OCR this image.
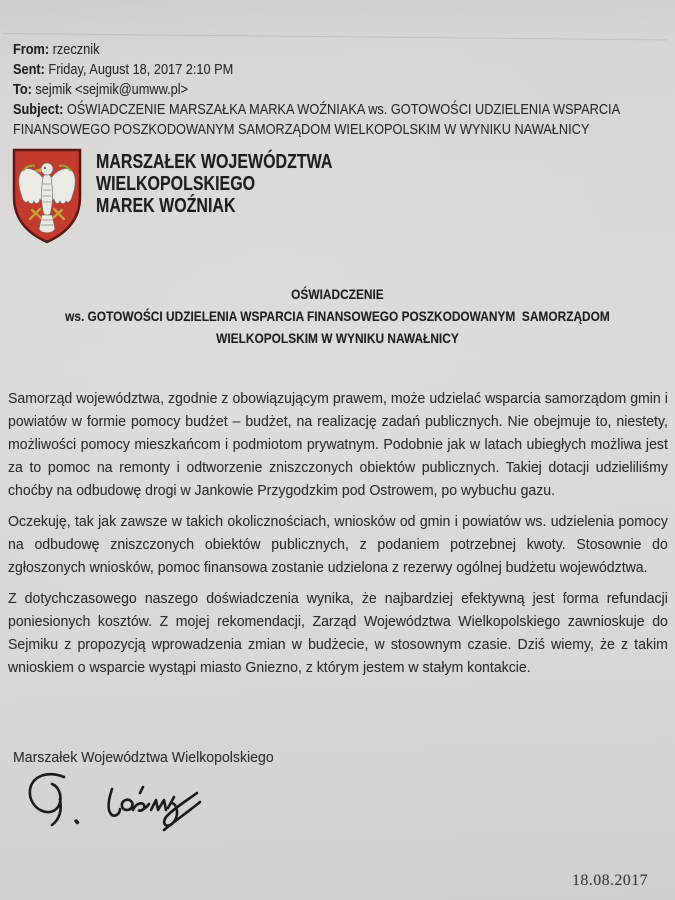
From: rzecznik
Sent: Friday, August 18, 2017 2:10 PM
To: sejmik <sejmik@umww.pl>
Subject: OŚWIADCZENIE MARSZAŁKA MARKA WOŹNIAKA ws. GOTOWOŚCI UDZIELENIA WSPARCIA FINANSOWEGO POSZKODOWANYM SAMORZĄDOM WIELKOPOLSKIM W WYNIKU NAWAŁNICY
MARSZAŁEK WOJEWÓDZTWA
WIELKOPOLSKIEGO
MAREK WOŹNIAK
OŚWIADCZENIE
ws. GOTOWOŚCI UDZIELENIA WSPARCIA FINANSOWEGO POSZKODOWANYM  SAMORZĄDOM
WIELKOPOLSKIM W WYNIKU NAWAŁNICY

Samorząd województwa, zgodnie z obowiązującym prawem, może udzielać wsparcia samorządom gmin i powiatów w formie pomocy budżet – budżet, na realizację zadań publicznych. Nie obejmuje to, niestety, możliwości pomocy mieszkańcom i podmiotom prywatnym. Podobnie jak w latach ubiegłych możliwa jest za to pomoc na remonty i odtworzenie zniszczonych obiektów publicznych. Takiej dotacji udzieliliśmy choćby na odbudowę drogi w Jankowie Przygodzkim pod Ostrowem, po wybuchu gazu.

Oczekuję, tak jak zawsze w takich okolicznościach, wniosków od gmin i powiatów ws. udzielenia pomocy na odbudowę zniszczonych obiektów publicznych, z podaniem potrzebnej kwoty. Stosownie do zgłoszonych wniosków, pomoc finansowa zostanie udzielona z rezerwy ogólnej budżetu województwa.

Z dotychczasowego naszego doświadczenia wynika, że najbardziej efektywną jest forma refundacji poniesionych kosztów. Z mojej rekomendacji, Zarząd Województwa Wielkopolskiego zawnioskuje do Sejmiku z propozycją wprowadzenia zmian w budżecie, w stosownym czasie. Dziś wiemy, że z takim wnioskiem o wsparcie wystąpi miasto Gniezno, z którym jestem w stałym kontakcie.

Marszałek Województwa Wielkopolskiego
18.08.2017
